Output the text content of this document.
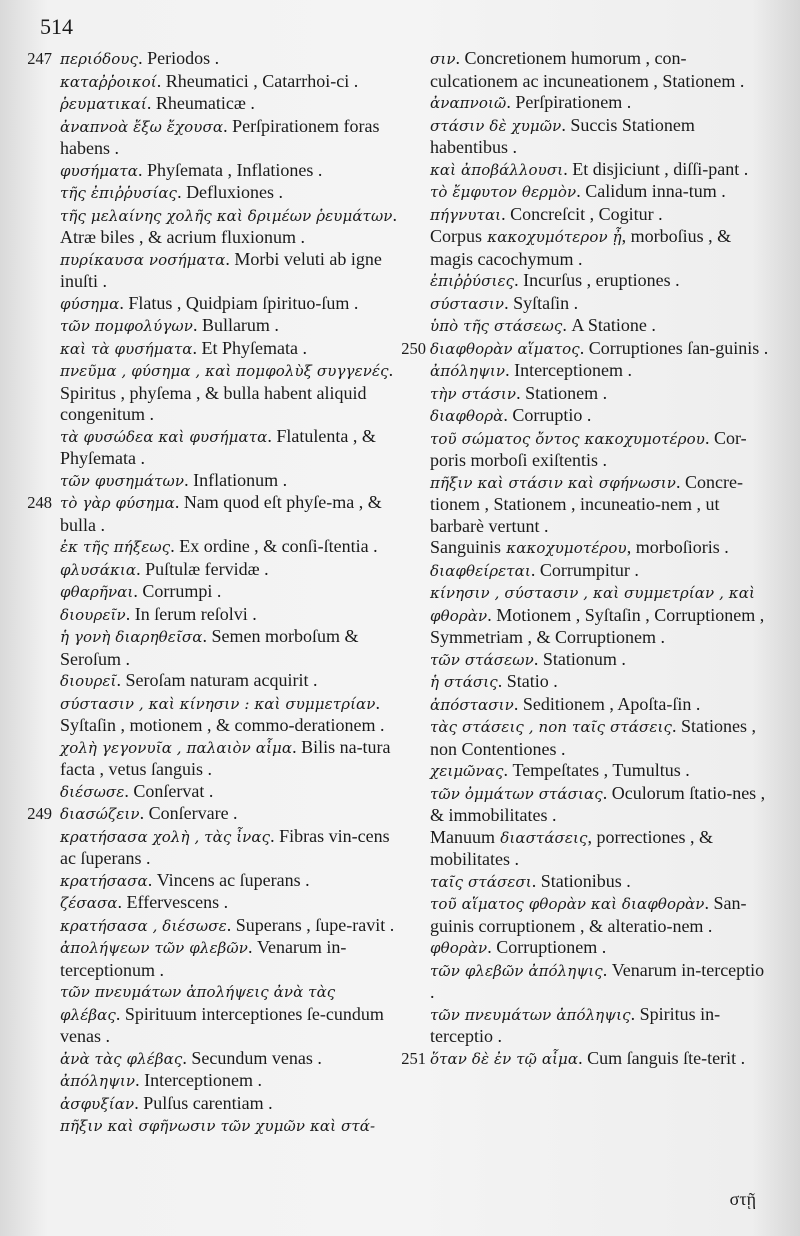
514
247 περιόδους. Periodos .
καταῤῥοικοί. Rheumatici , Catarrhoi-ci .
ῥευματικαί. Rheumaticæ .
ἀναπνοὰ ἔξω ἔχουσα. Perſpirationem foras habens .
φυσήματα. Phyſemata , Inflationes .
τῆς ἐπιῤῥυσίας. Defluxiones .
τῆς μελαίνης χολῆς καὶ δριμέων ῥευμάτων. Atræ biles , & acrium fluxionum .
πυρίκαυσα νοσήματα. Morbi veluti ab igne inuſti .
φύσημα. Flatus , Quidpiam ſpirituo-ſum .
τῶν πομφολύγων. Bullarum .
καὶ τὰ φυσήματα. Et Phyſemata .
πνεῦμα , φύσημα , καὶ πομφολὺξ συγγενές. Spiritus , phyſema , & bulla habent aliquid congenitum .
τὰ φυσώδεα καὶ φυσήματα. Flatulenta , & Phyſemata .
τῶν φυσημάτων. Inflationum .
248 τὸ γὰρ φύσημα. Nam quod eſt phyſe-ma , & bulla .
ἐκ τῆς πήξεως. Ex ordine , & conſi-ſtentia .
φλυσάκια. Puſtulæ fervidæ .
φθαρῆναι. Corrumpi .
διουρεῖν. In ſerum reſolvi .
ἡ γονὴ διαρηθεῖσα. Semen morboſum & Seroſum .
διουρεῖ. Seroſam naturam acquirit .
σύστασιν , καὶ κίνησιν : καὶ συμμετρίαν. Syſtaſin , motionem , & commo-derationem .
χολὴ γεγονυῖα , παλαιὸν αἷμα. Bilis na-tura facta , vetus ſanguis .
διέσωσε. Conſervat .
249 διασώζειν. Conſervare .
κρατήσασα χολὴ , τὰς ἶνας. Fibras vin-cens ac ſuperans .
κρατήσασα. Vincens ac ſuperans .
ζέσασα. Effervescens .
κρατήσασα , διέσωσε. Superans , ſupe-ravit .
ἀπολήψεων τῶν φλεβῶν. Venarum in-terceptionum .
τῶν πνευμάτων ἀπολήψεις ἀνὰ τὰς φλέβας. Spirituum interceptiones ſe-cundum venas .
ἀνὰ τὰς φλέβας. Secundum venas .
ἀπόληψιν. Interceptionem .
ἀσφυξίαν. Pulſus carentiam .
πῆξιν καὶ σφῆνωσιν τῶν χυμῶν καὶ στά-
σιν. Concretionem humorum , con-culcationem ac incuneationem , Stationem .
ἀναπνοιῶ. Perſpirationem .
στάσιν δὲ χυμῶν. Succis Stationem habentibus .
καὶ ἀποβάλλουσι. Et disjiciunt , diſſi-pant .
τὸ ἔμφυτον θερμὸν. Calidum inna-tum .
πήγνυται. Concreſcit , Cogitur .
Corpus κακοχυμότερον ᾖ, morboſius , & magis cacochymum .
ἐπιῤῥύσιες. Incurſus , eruptiones .
σύστασιν. Syſtaſin .
ὑπὸ τῆς στάσεως. A Statione .
250 διαφθορὰν αἵματος. Corruptiones ſan-guinis .
ἀπόληψιν. Interceptionem .
τὴν στάσιν. Stationem .
διαφθορὰ. Corruptio .
τοῦ σώματος ὄντος κακοχυμοτέρου. Cor-poris morboſi exiſtentis .
πῆξιν καὶ στάσιν καὶ σφήνωσιν. Concre-tionem , Stationem , incuneatio-nem , ut barbarè vertunt .
Sanguinis κακοχυμοτέρου, morboſioris .
διαφθείρεται. Corrumpitur .
κίνησιν , σύστασιν , καὶ συμμετρίαν , καὶ φθορὰν. Motionem , Syſtaſin , Corruptionem , Symmetriam , & Corruptionem .
τῶν στάσεων. Stationum .
ἡ στάσις. Statio .
ἀπόστασιν. Seditionem , Apoſta-ſin .
τὰς στάσεις , non ταῖς στάσεις. Stationes , non Contentiones .
χειμῶνας. Tempeſtates , Tumultus .
τῶν ὀμμάτων στάσιας. Oculorum ſtatio-nes , & immobilitates .
Manuum διαστάσεις, porrectiones , & mobilitates .
ταῖς στάσεσι. Stationibus .
τοῦ αἵματος φθορὰν καὶ διαφθορὰν. San-guinis corruptionem , & alteratio-nem .
φθορὰν. Corruptionem .
τῶν φλεβῶν ἀπόληψις. Venarum in-terceptio .
τῶν πνευμάτων ἀπόληψις. Spiritus in-terceptio .
251 ὅταν δὲ ἐν τῷ αἷμα. Cum ſanguis ſte-terit .
στῇ
